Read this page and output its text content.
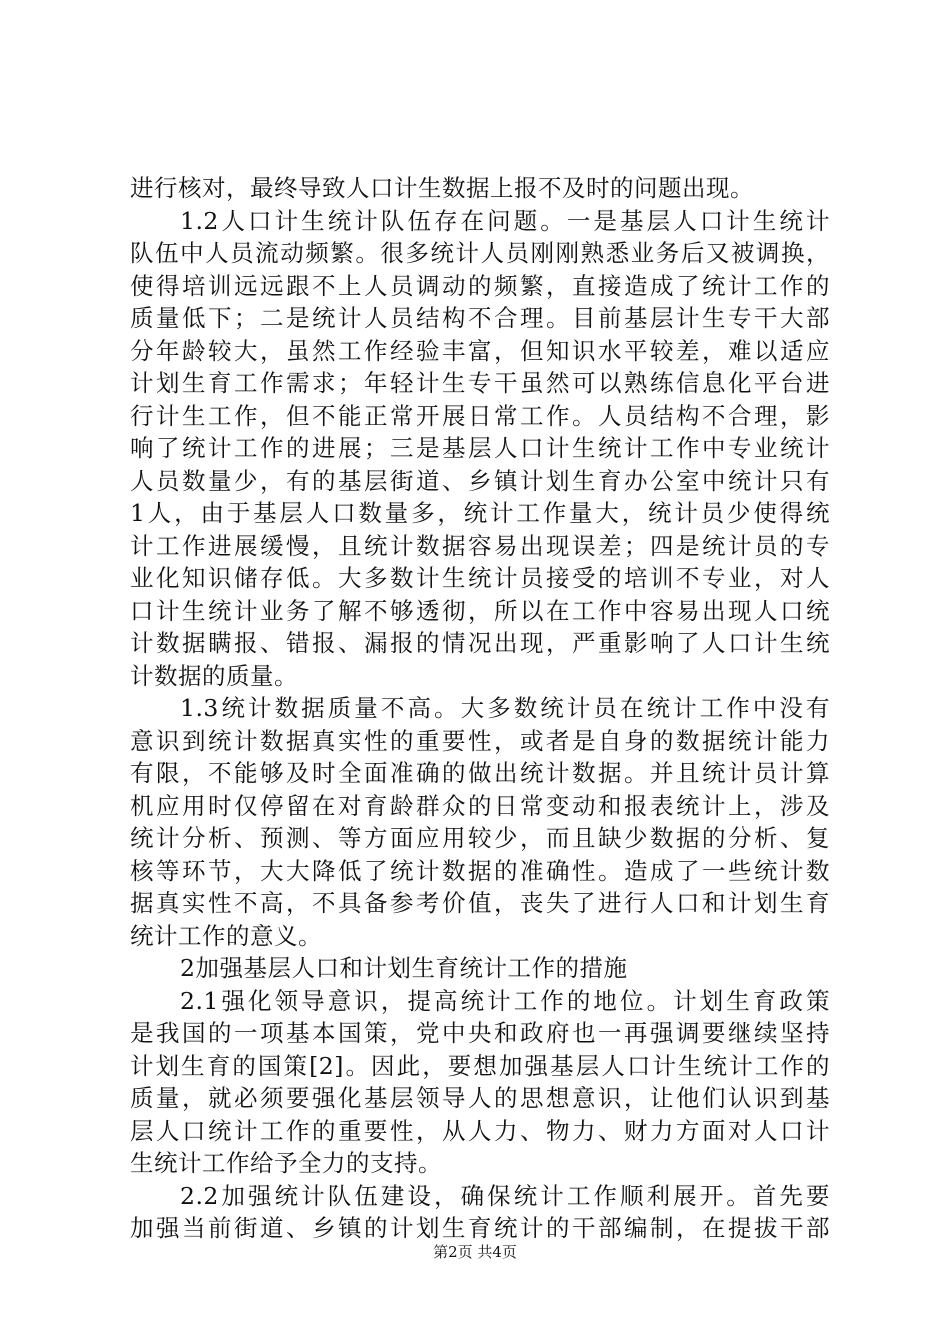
进行核对，最终导致人口计生数据上报不及时的问题出现。
1.2人口计生统计队伍存在问题。一是基层人口计生统计
队伍中人员流动频繁。很多统计人员刚刚熟悉业务后又被调换，
使得培训远远跟不上人员调动的频繁，直接造成了统计工作的
质量低下；二是统计人员结构不合理。目前基层计生专干大部
分年龄较大，虽然工作经验丰富，但知识水平较差，难以适应
计划生育工作需求；年轻计生专干虽然可以熟练信息化平台进
行计生工作，但不能正常开展日常工作。人员结构不合理，影
响了统计工作的进展；三是基层人口计生统计工作中专业统计
人员数量少，有的基层街道、乡镇计划生育办公室中统计只有
1人，由于基层人口数量多，统计工作量大，统计员少使得统
计工作进展缓慢，且统计数据容易出现误差；四是统计员的专
业化知识储存低。大多数计生统计员接受的培训不专业，对人
口计生统计业务了解不够透彻，所以在工作中容易出现人口统
计数据瞒报、错报、漏报的情况出现，严重影响了人口计生统
计数据的质量。
1.3统计数据质量不高。大多数统计员在统计工作中没有
意识到统计数据真实性的重要性，或者是自身的数据统计能力
有限，不能够及时全面准确的做出统计数据。并且统计员计算
机应用时仅停留在对育龄群众的日常变动和报表统计上，涉及
统计分析、预测、等方面应用较少，而且缺少数据的分析、复
核等环节，大大降低了统计数据的准确性。造成了一些统计数
据真实性不高，不具备参考价值，丧失了进行人口和计划生育
统计工作的意义。
2加强基层人口和计划生育统计工作的措施
2.1强化领导意识，提高统计工作的地位。计划生育政策
是我国的一项基本国策，党中央和政府也一再强调要继续坚持
计划生育的国策[2]。因此，要想加强基层人口计生统计工作的
质量，就必须要强化基层领导人的思想意识，让他们认识到基
层人口统计工作的重要性，从人力、物力、财力方面对人口计
生统计工作给予全力的支持。
2.2加强统计队伍建设，确保统计工作顺利展开。首先要
加强当前街道、乡镇的计划生育统计的干部编制，在提拔干部
第2页 共4页
